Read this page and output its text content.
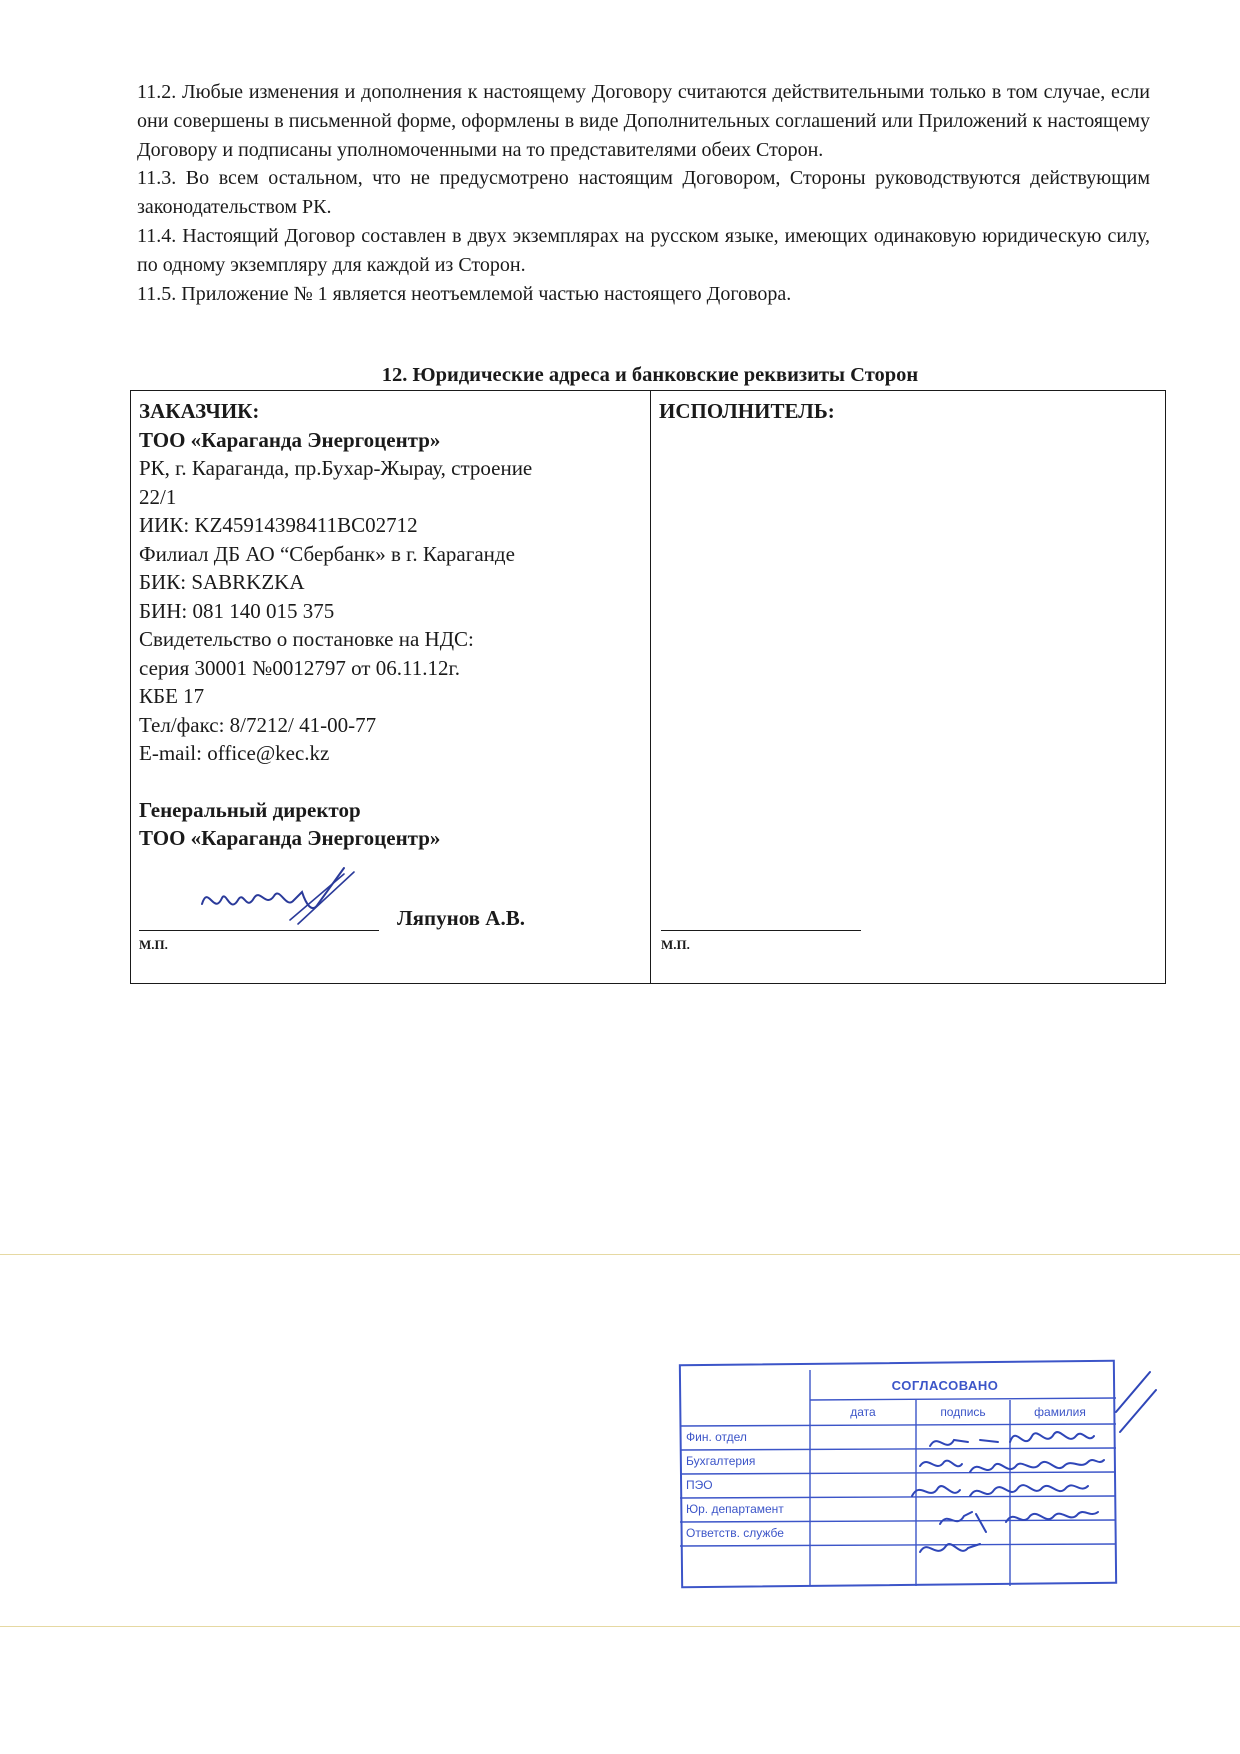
11.2. Любые изменения и дополнения к настоящему Договору считаются действительными только в том случае, если они совершены в письменной форме, оформлены в виде Дополнительных соглашений или Приложений к настоящему Договору и подписаны уполномоченными на то представителями обеих Сторон.

11.3. Во всем остальном, что не предусмотрено настоящим Договором, Стороны руководствуются действующим законодательством РК.

11.4. Настоящий Договор составлен в двух экземплярах на русском языке, имеющих одинаковую юридическую силу, по одному экземпляру для каждой из Сторон.

11.5. Приложение № 1 является неотъемлемой частью настоящего Договора.

12. Юридические адреса и банковские реквизиты Сторон
ЗАКАЗЧИК:
ТОО «Караганда Энергоцентр»
РК, г. Караганда, пр.Бухар-Жырау, строение
22/1
ИИК: KZ45914398411BC02712
Филиал ДБ АО “Сбербанк» в г. Караганде
БИК: SABRKZKA
БИН: 081 140 015 375
Свидетельство о постановке на НДС:
серия 30001 №0012797 от 06.11.12г.
КБЕ 17
Тел/факс: 8/7212/ 41-00-77
E-mail: office@kec.kz
Генеральный директор
ТОО «Караганда Энергоцентр»
Ляпунов А.В.
М.П.
ИСПОЛНИТЕЛЬ:
М.П.
СОГЛАСОВАНО
дата	подпись	фамилия
Фин. отдел
Бухгалтерия
ПЭО
Юр. департамент
Ответств. службе
